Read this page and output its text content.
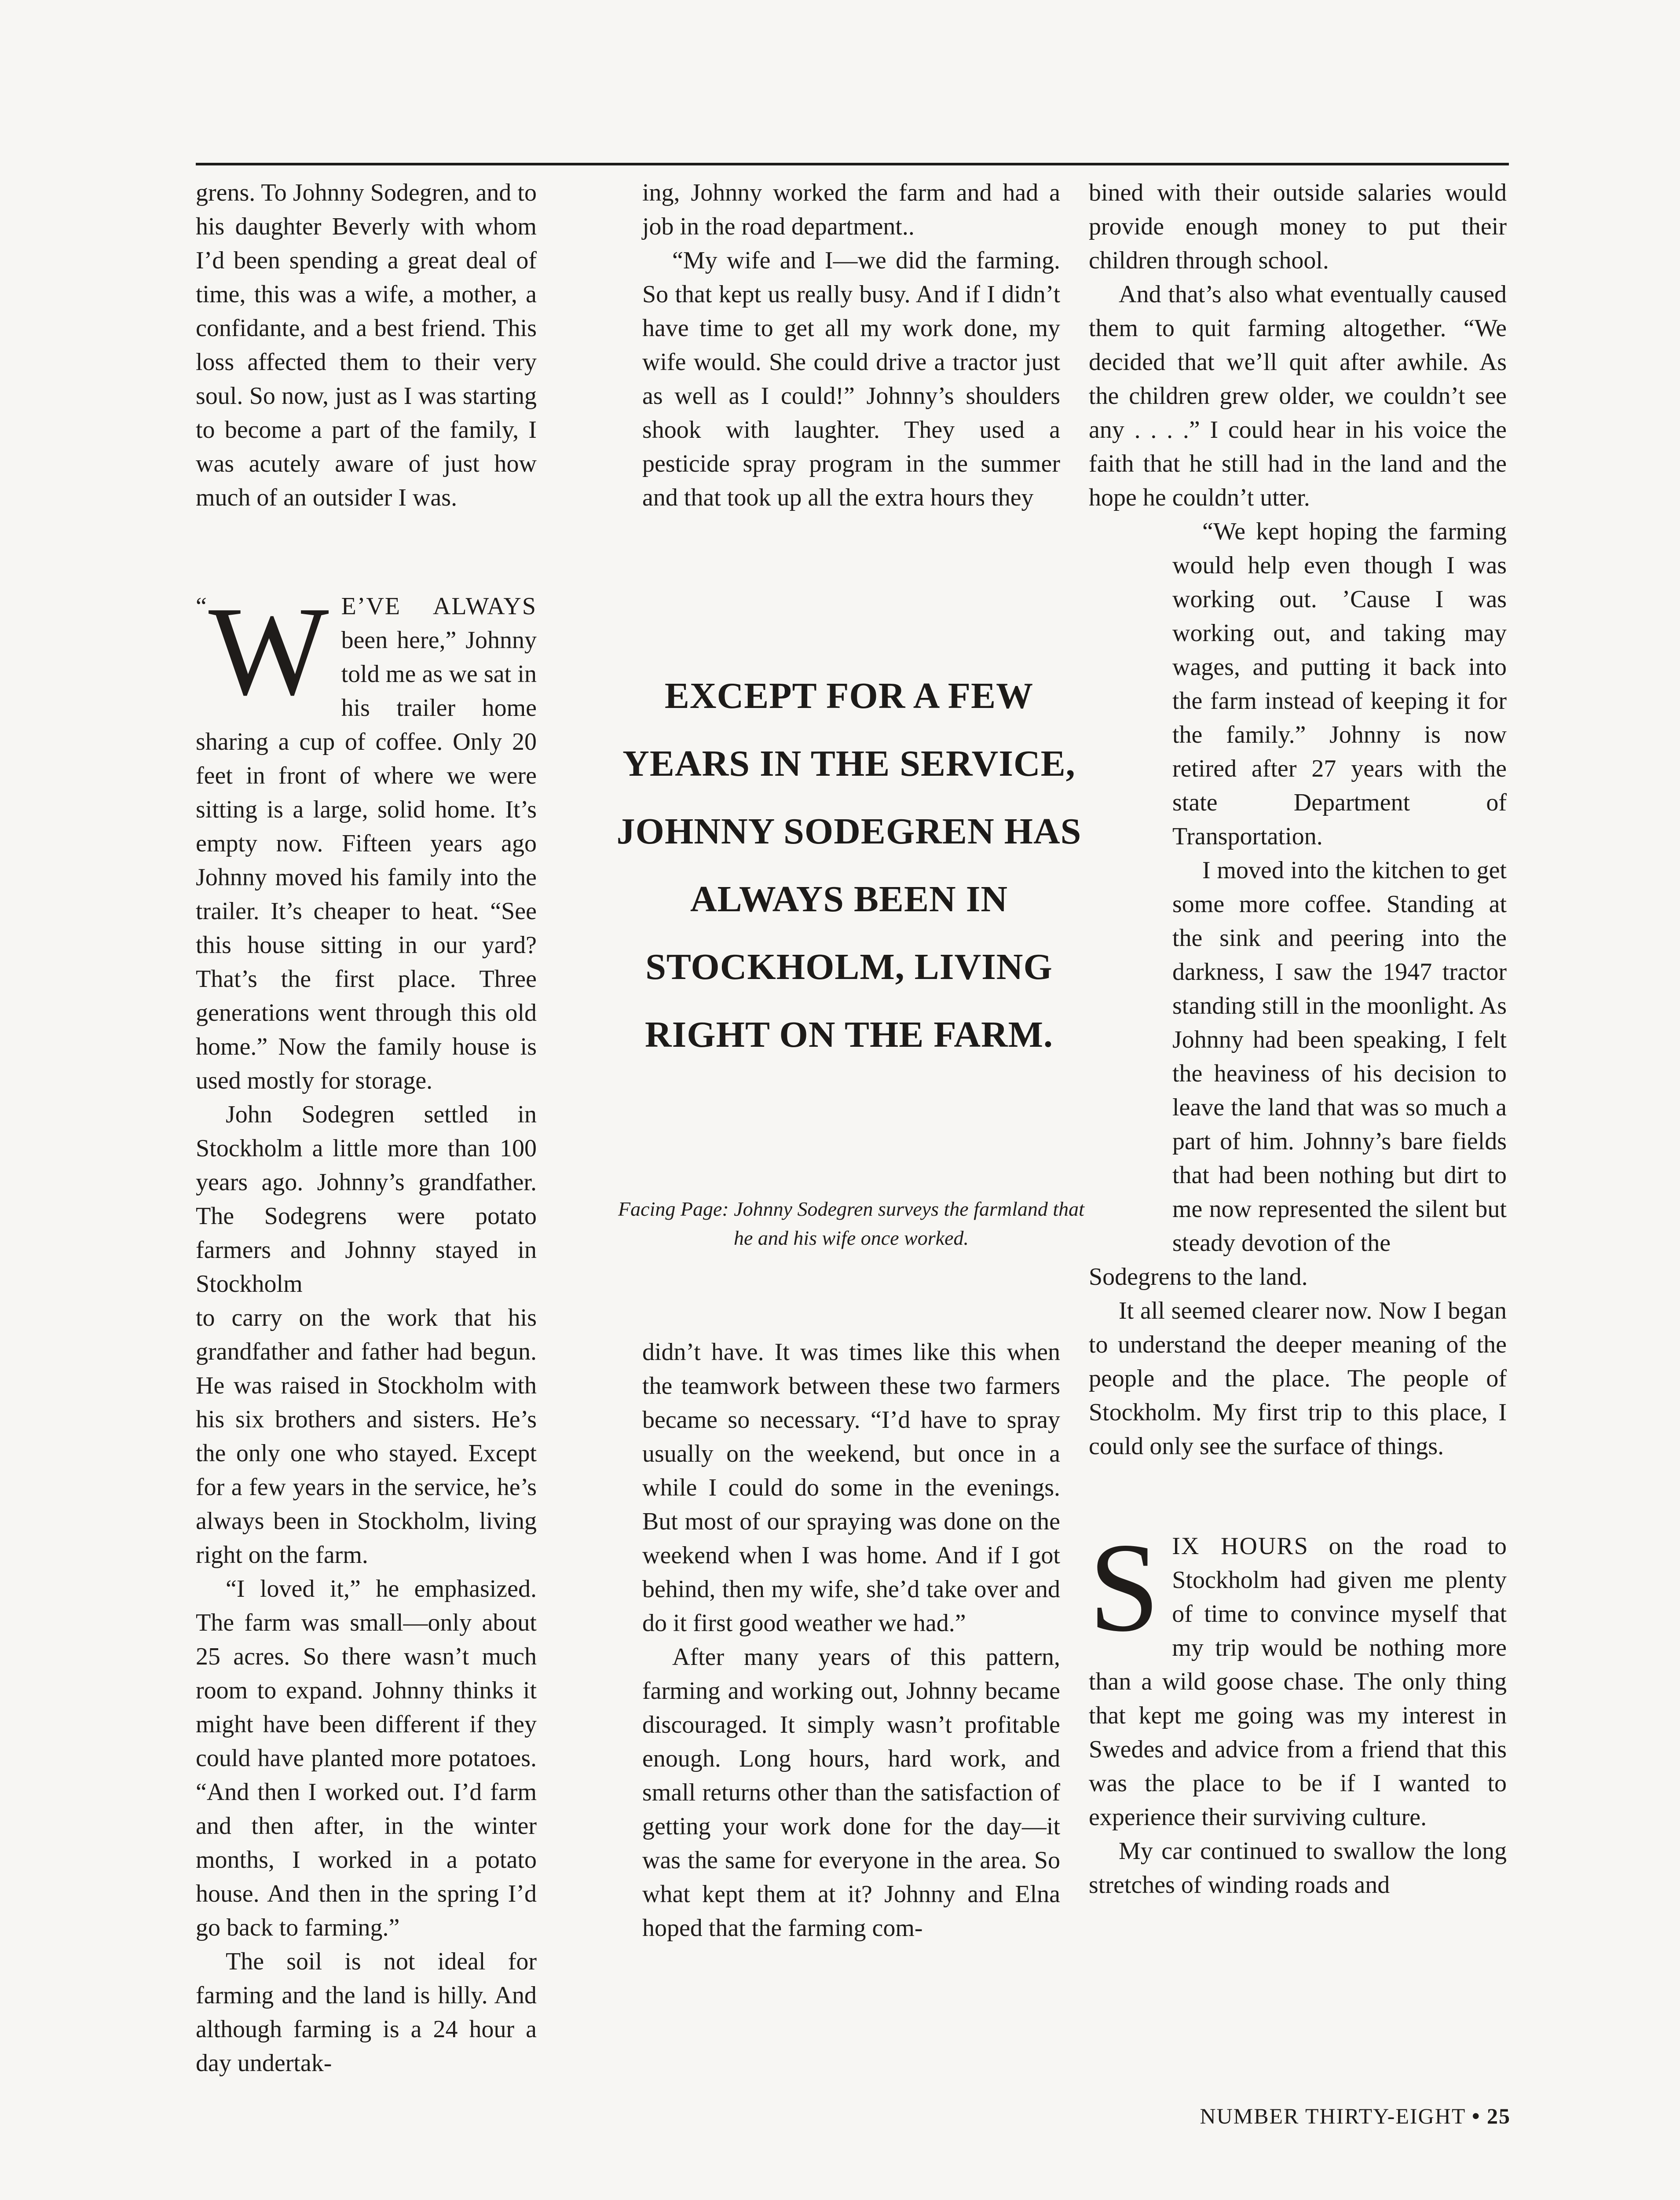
grens. To Johnny Sodegren, and to his daughter Beverly with whom I’d been spending a great deal of time, this was a wife, a mother, a confidante, and a best friend. This loss affected them to their very soul. So now, just as I was starting to become a part of the family, I was acutely aware of just how much of an outsider I was.

“ W E’VE ALWAYS been here,” Johnny told me as we sat in his trailer home sharing a cup of coffee. Only 20 feet in front of where we were sitting is a large, solid home. It’s empty now. Fifteen years ago Johnny moved his family into the trailer. It’s cheaper to heat. “See this house sitting in our yard? That’s the first place. Three generations went through this old home.” Now the family house is used mostly for storage.

John Sodegren settled in Stockholm a little more than 100 years ago. Johnny’s grandfather. The Sodegrens were potato farmers and Johnny stayed in Stockholm

to carry on the work that his grandfather and father had begun. He was raised in Stockholm with his six brothers and sisters. He’s the only one who stayed. Except for a few years in the service, he’s always been in Stockholm, living right on the farm.

“I loved it,” he emphasized. The farm was small—only about 25 acres. So there wasn’t much room to expand. Johnny thinks it might have been different if they could have planted more potatoes. “And then I worked out. I’d farm and then after, in the winter months, I worked in a potato house. And then in the spring I’d go back to farming.”

The soil is not ideal for farming and the land is hilly. And although farming is a 24 hour a day undertak-

ing, Johnny worked the farm and had a job in the road department..

“My wife and I—we did the farming. So that kept us really busy. And if I didn’t have time to get all my work done, my wife would. She could drive a tractor just as well as I could!” Johnny’s shoulders shook with laughter. They used a pesticide spray program in the summer and that took up all the extra hours they

EXCEPT FOR A FEW YEARS IN THE SERVICE, JOHNNY SODEGREN HAS ALWAYS BEEN IN STOCKHOLM, LIVING RIGHT ON THE FARM.
Facing Page: Johnny Sodegren surveys the farmland that he and his wife once worked.

didn’t have. It was times like this when the teamwork between these two farmers became so necessary. “I’d have to spray usually on the weekend, but once in a while I could do some in the evenings. But most of our spraying was done on the weekend when I was home. And if I got behind, then my wife, she’d take over and do it first good weather we had.”

After many years of this pattern, farming and working out, Johnny became discouraged. It simply wasn’t profitable enough. Long hours, hard work, and small returns other than the satisfaction of getting your work done for the day—it was the same for everyone in the area. So what kept them at it? Johnny and Elna hoped that the farming com-

bined with their outside salaries would provide enough money to put their children through school.

And that’s also what eventually caused them to quit farming altogether. “We decided that we’ll quit after awhile. As the children grew older, we couldn’t see any . . . .” I could hear in his voice the faith that he still had in the land and the hope he couldn’t utter.

“We kept hoping the farming would help even though I was working out. ’Cause I was working out, and taking may wages, and putting it back into the farm instead of keeping it for the family.” Johnny is now retired after 27 years with the state Department of Transportation.

I moved into the kitchen to get some more coffee. Standing at the sink and peering into the darkness, I saw the 1947 tractor standing still in the moonlight. As Johnny had been speaking, I felt the heaviness of his decision to leave the land that was so much a part of him. Johnny’s bare fields that had been nothing but dirt to me now represented the silent but steady devotion of the

Sodegrens to the land.

It all seemed clearer now. Now I began to understand the deeper meaning of the people and the place. The people of Stockholm. My first trip to this place, I could only see the surface of things.

SIX HOURS on the road to Stockholm had given me plenty of time to convince myself that my trip would be nothing more than a wild goose chase. The only thing that kept me going was my interest in Swedes and advice from a friend that this was the place to be if I wanted to experience their surviving culture.

My car continued to swallow the long stretches of winding roads and

NUMBER THIRTY-EIGHT • 25
